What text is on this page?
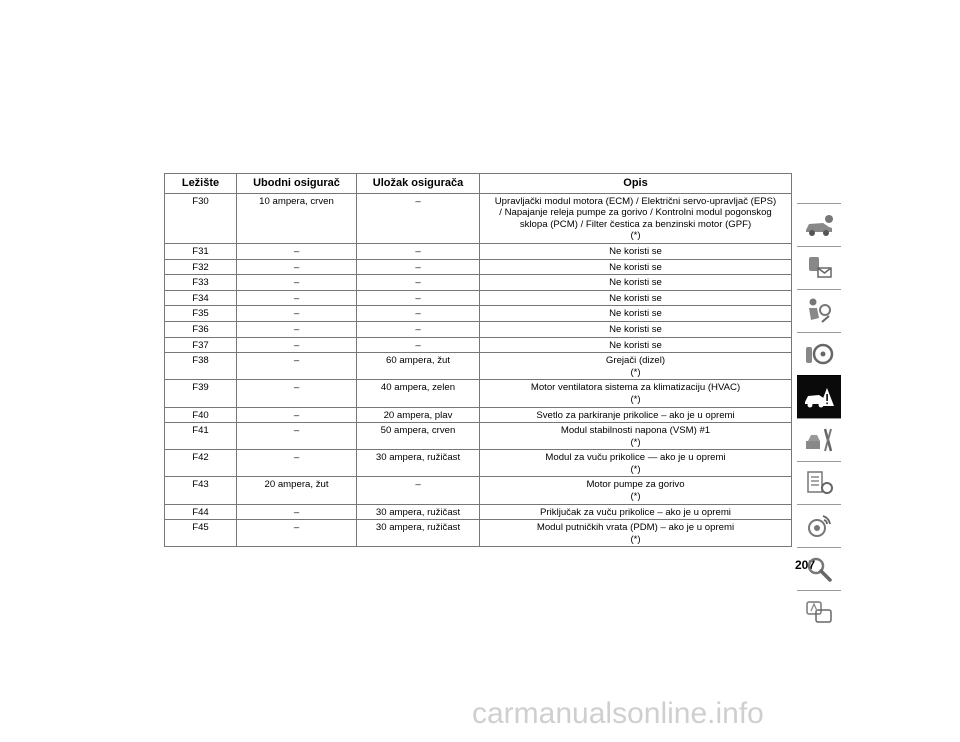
Ležište	Ubodni osigurač	Uložak osigurača	Opis
F30	10 ampera, crven	–	Upravljački modul motora (ECM) / Električni servo-upravljač (EPS)
/ Napajanje releja pumpe za gorivo / Kontrolni modul pogonskog
sklopa (PCM) / Filter čestica za benzinski motor (GPF)
(*)

F31	–	–	Ne koristi se

F32	–	–	Ne koristi se

F33	–	–	Ne koristi se

F34	–	–	Ne koristi se

F35	–	–	Ne koristi se

F36	–	–	Ne koristi se

F37	–	–	Ne koristi se

F38	–	60 ampera, žut	Grejači (dizel)
(*)

F39	–	40 ampera, zelen	Motor ventilatora sistema za klimatizaciju (HVAC)
(*)

F40	–	20 ampera, plav	Svetlo za parkiranje prikolice – ako je u opremi

F41	–	50 ampera, crven	Modul stabilnosti napona (VSM) #1
(*)

F42	–	30 ampera, ružičast	Modul za vuču prikolice — ako je u opremi
(*)

F43	20 ampera, žut	–	Motor pumpe za gorivo
(*)

F44	–	30 ampera, ružičast	Priključak za vuču prikolice – ako je u opremi

F45	–	30 ampera, ružičast	Modul putničkih vrata (PDM) – ako je u opremi
(*)
207
carmanualsonline.info
